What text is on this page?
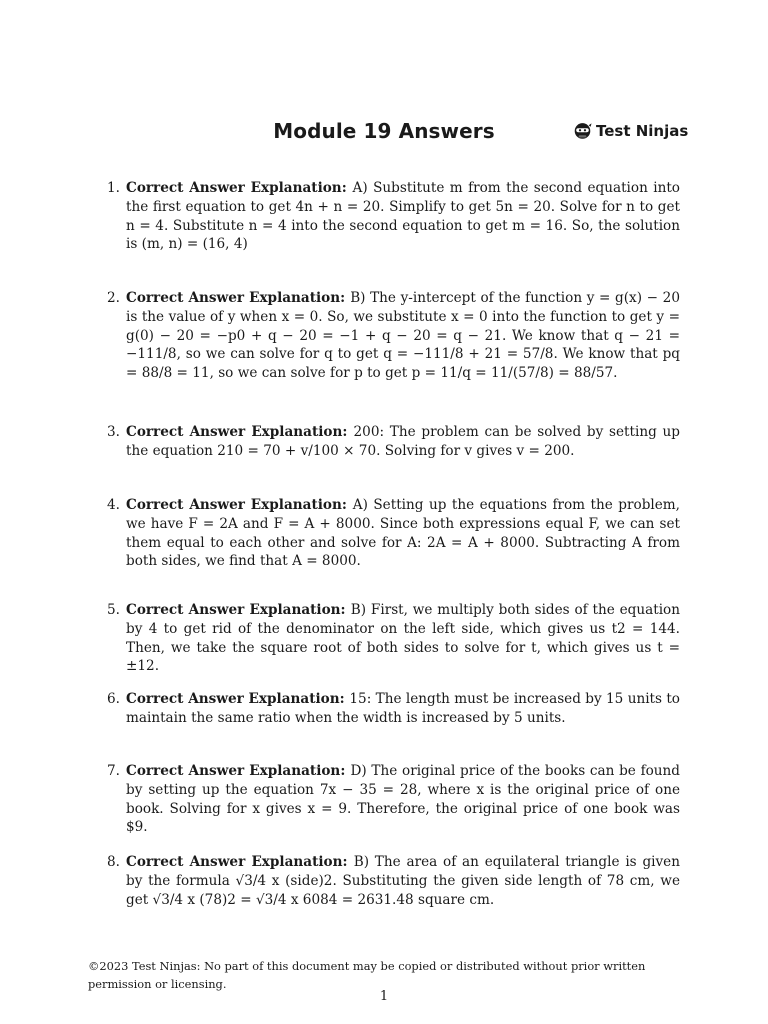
Module 19 Answers	Test Ninjas
1. Correct Answer Explanation: A) Substitute m from the second equation into the first equation to get 4n + n = 20. Simplify to get 5n = 20. Solve for n to get n = 4. Substitute n = 4 into the second equation to get m = 16. So, the solution is (m, n) = (16, 4)
2. Correct Answer Explanation: B) The y-intercept of the function y = g(x) − 20 is the value of y when x = 0. So, we substitute x = 0 into the function to get y = g(0) − 20 = −p0 + q − 20 = −1 + q − 20 = q − 21. We know that q − 21 = −111/8, so we can solve for q to get q = −111/8 + 21 = 57/8. We know that pq = 88/8 = 11, so we can solve for p to get p = 11/q = 11/(57/8) = 88/57.
3. Correct Answer Explanation: 200: The problem can be solved by setting up the equation 210 = 70 + v/100 × 70. Solving for v gives v = 200.
4. Correct Answer Explanation: A) Setting up the equations from the problem, we have F = 2A and F = A + 8000. Since both expressions equal F, we can set them equal to each other and solve for A: 2A = A + 8000. Subtracting A from both sides, we find that A = 8000.
5. Correct Answer Explanation: B) First, we multiply both sides of the equation by 4 to get rid of the denominator on the left side, which gives us t2 = 144. Then, we take the square root of both sides to solve for t, which gives us t = ±12.
6. Correct Answer Explanation: 15: The length must be increased by 15 units to maintain the same ratio when the width is increased by 5 units.
7. Correct Answer Explanation: D) The original price of the books can be found by setting up the equation 7x − 35 = 28, where x is the original price of one book. Solving for x gives x = 9. Therefore, the original price of one book was $9.
8. Correct Answer Explanation: B) The area of an equilateral triangle is given by the formula √3/4 x (side)2. Substituting the given side length of 78 cm, we get √3/4 x (78)2 = √3/4 x 6084 = 2631.48 square cm.
©2023 Test Ninjas: No part of this document may be copied or distributed without prior written permission or licensing.
1
